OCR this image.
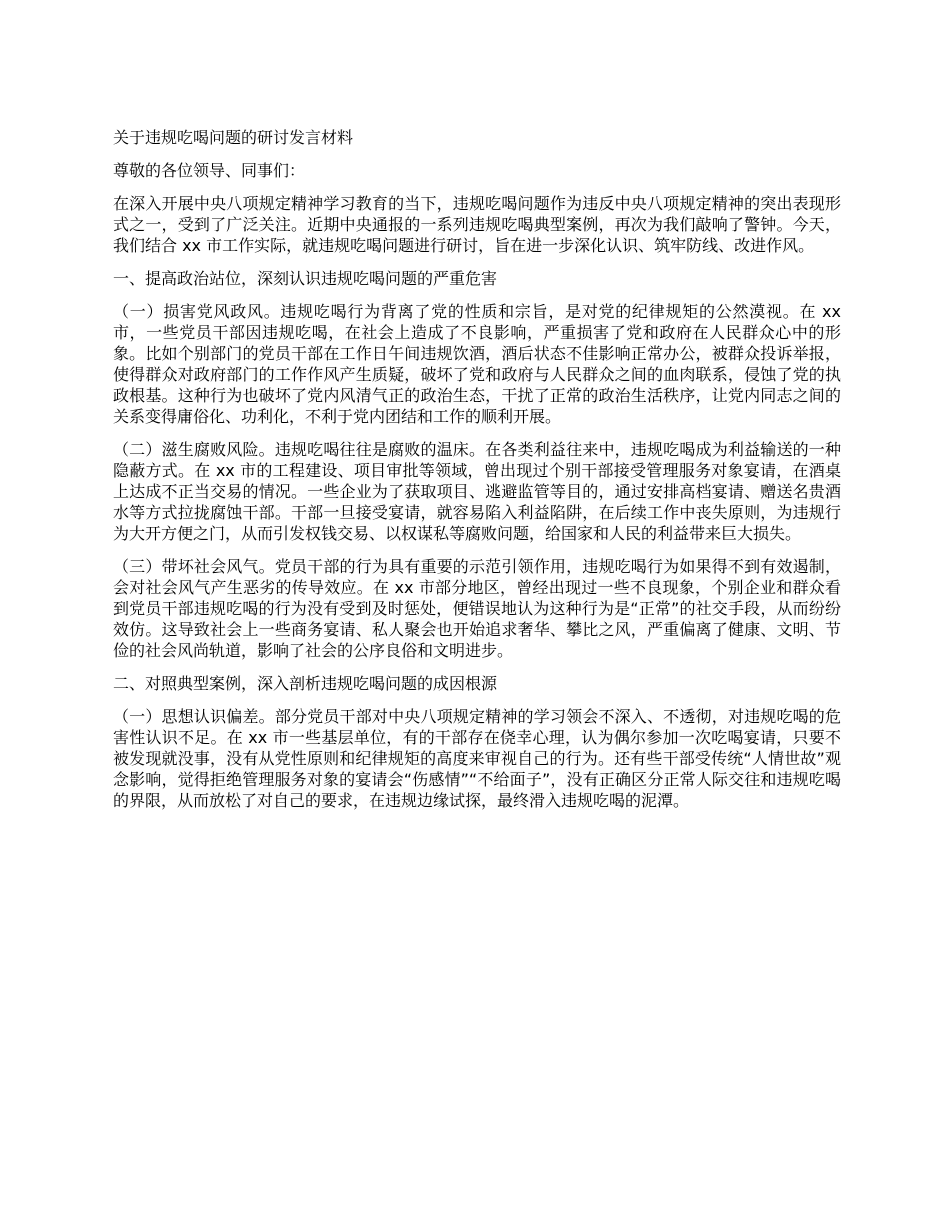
关于违规吃喝问题的研讨发言材料

尊敬的各位领导、同事们：

在深入开展中央八项规定精神学习教育的当下，违规吃喝问题作为违反中央八项规定精神的突出表现形式之一，受到了广泛关注。近期中央通报的一系列违规吃喝典型案例，再次为我们敲响了警钟。今天，我们结合 xx 市工作实际，就违规吃喝问题进行研讨，旨在进一步深化认识、筑牢防线、改进作风。

一、提高政治站位，深刻认识违规吃喝问题的严重危害

（一）损害党风政风。违规吃喝行为背离了党的性质和宗旨，是对党的纪律规矩的公然漠视。在 xx 市，一些党员干部因违规吃喝，在社会上造成了不良影响，严重损害了党和政府在人民群众心中的形象。比如个别部门的党员干部在工作日午间违规饮酒，酒后状态不佳影响正常办公，被群众投诉举报，使得群众对政府部门的工作作风产生质疑，破坏了党和政府与人民群众之间的血肉联系，侵蚀了党的执政根基。这种行为也破坏了党内风清气正的政治生态，干扰了正常的政治生活秩序，让党内同志之间的关系变得庸俗化、功利化，不利于党内团结和工作的顺利开展。

（二）滋生腐败风险。违规吃喝往往是腐败的温床。在各类利益往来中，违规吃喝成为利益输送的一种隐蔽方式。在 xx 市的工程建设、项目审批等领域，曾出现过个别干部接受管理服务对象宴请，在酒桌上达成不正当交易的情况。一些企业为了获取项目、逃避监管等目的，通过安排高档宴请、赠送名贵酒水等方式拉拢腐蚀干部。干部一旦接受宴请，就容易陷入利益陷阱，在后续工作中丧失原则，为违规行为大开方便之门，从而引发权钱交易、以权谋私等腐败问题，给国家和人民的利益带来巨大损失。

（三）带坏社会风气。党员干部的行为具有重要的示范引领作用，违规吃喝行为如果得不到有效遏制，会对社会风气产生恶劣的传导效应。在 xx 市部分地区，曾经出现过一些不良现象，个别企业和群众看到党员干部违规吃喝的行为没有受到及时惩处，便错误地认为这种行为是“正常”的社交手段，从而纷纷效仿。这导致社会上一些商务宴请、私人聚会也开始追求奢华、攀比之风，严重偏离了健康、文明、节俭的社会风尚轨道，影响了社会的公序良俗和文明进步。

二、对照典型案例，深入剖析违规吃喝问题的成因根源

（一）思想认识偏差。部分党员干部对中央八项规定精神的学习领会不深入、不透彻，对违规吃喝的危害性认识不足。在 xx 市一些基层单位，有的干部存在侥幸心理，认为偶尔参加一次吃喝宴请，只要不被发现就没事，没有从党性原则和纪律规矩的高度来审视自己的行为。还有些干部受传统“人情世故”观念影响，觉得拒绝管理服务对象的宴请会“伤感情”“不给面子”，没有正确区分正常人际交往和违规吃喝的界限，从而放松了对自己的要求，在违规边缘试探，最终滑入违规吃喝的泥潭。
